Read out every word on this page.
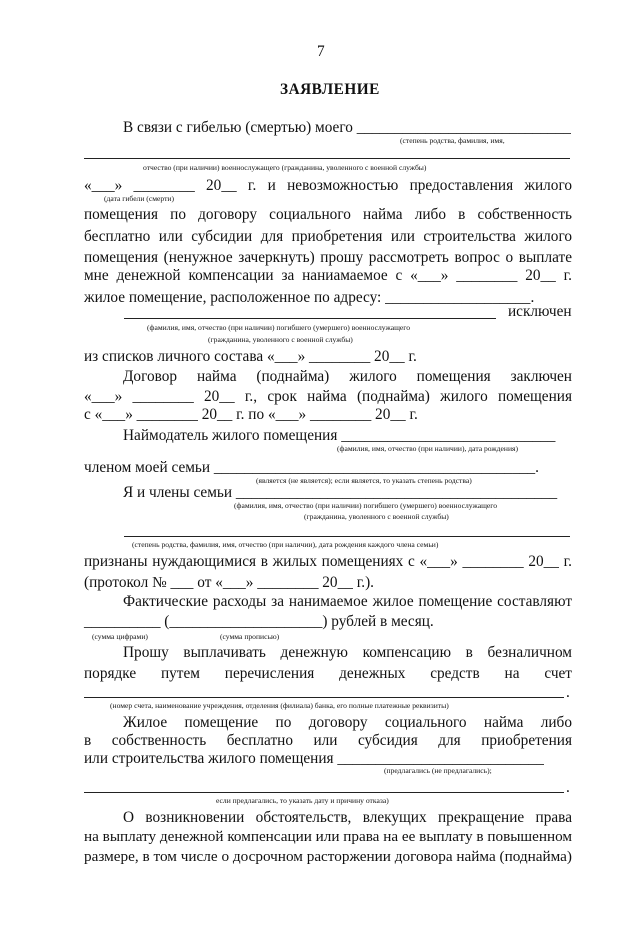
7
ЗАЯВЛЕНИЕ
В связи с гибелью (смертью) моего ____________________________
(степень родства, фамилия, имя,
отчество (при наличии) военнослужащего (гражданина, уволенного с военной службы)
«___» ________ 20__ г. и невозможностью предоставления жилого
(дата гибели (смерти)
помещения по договору социального найма либо в собственность
бесплатно или субсидии для приобретения или строительства жилого
помещения (ненужное зачеркнуть) прошу рассмотреть вопрос о выплате
мне денежной компенсации за наниамаемое с «___» ________ 20__ г.
жилое помещение, расположенное по адресу: ___________________.
исключен
(фамилия, имя, отчество (при наличии) погибшего (умершего) военнослужащего
(гражданина, уволенного с военной службы)
из списков личного состава «___» ________ 20__ г.
Договор найма (поднайма) жилого помещения заключен
«___» ________ 20__ г., срок найма (поднайма) жилого помещения
с «___» ________ 20__ г. по «___» ________ 20__ г.
Наймодатель жилого помещения ____________________________
(фамилия, имя, отчество (при наличии), дата рождения)
членом моей семьи __________________________________________.
(является (не является); если является, то указать степень родства)
Я и члены семьи __________________________________________
(фамилия, имя, отчество (при наличии) погибшего (умершего) военнослужащего
(гражданина, уволенного с военной службы)
(степень родства, фамилия, имя, отчество (при наличии), дата рождения каждого члена семьи)
признаны нуждающимися в жилых помещениях с «___» ________ 20__ г.
(протокол № ___ от «___» ________ 20__ г.).
Фактические расходы за нанимаемое жилое помещение составляют
__________ (____________________) рублей в месяц.
(сумма цифрами)	(сумма прописью)
Прошу выплачивать денежную компенсацию в безналичном
порядке путем перечисления денежных средств на счет
.
(номер счета, наименование учреждения, отделения (филиала) банка, его полные платежные реквизиты)
Жилое помещение по договору социального найма либо
в собственность бесплатно или субсидия для приобретения
или строительства жилого помещения ___________________________
(предлагались (не предлагались);
.
если предлагались, то указать дату и причину отказа)
О возникновении обстоятельств, влекущих прекращение права
на выплату денежной компенсации или права на ее выплату в повышенном
размере, в том числе о досрочном расторжении договора найма (поднайма)
